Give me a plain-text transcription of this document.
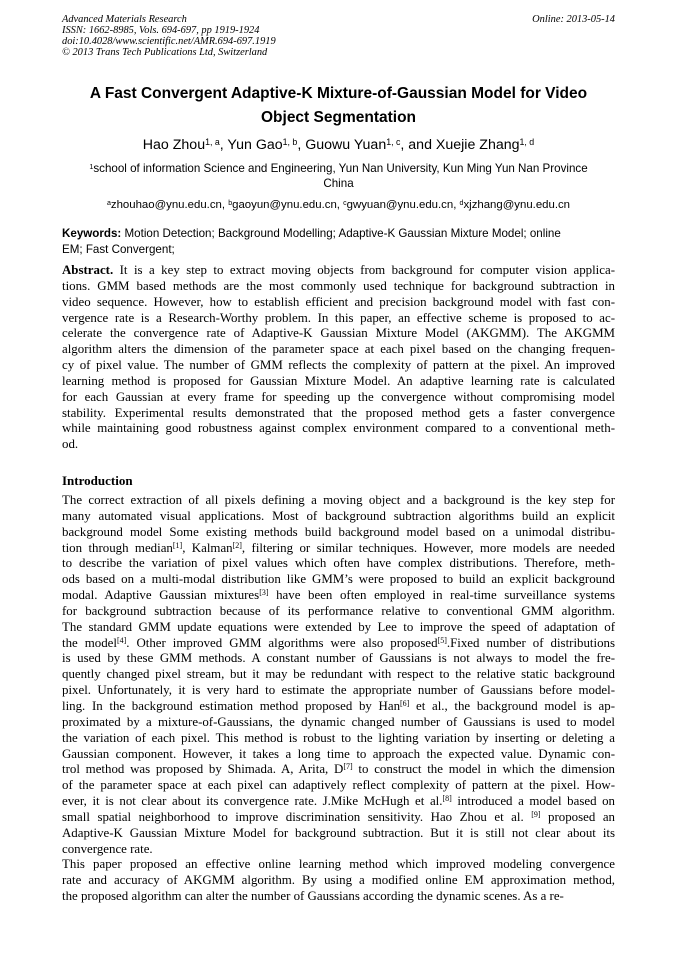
Advanced Materials Research
ISSN: 1662-8985, Vols. 694-697, pp 1919-1924
doi:10.4028/www.scientific.net/AMR.694-697.1919
© 2013 Trans Tech Publications Ltd, Switzerland
Online: 2013-05-14
A Fast Convergent Adaptive-K Mixture-of-Gaussian Model for Video
Object Segmentation
Hao Zhou$^{1, a}$, Yun Gao$^{1, b}$, Guowu Yuan$^{1, c}$, and Xuejie Zhang$^{1, d}$
$^1$school of information Science and Engineering, Yun Nan University, Kun Ming Yun Nan Province
China
$^a$zhouhao@ynu.edu.cn, $^b$gaoyun@ynu.edu.cn, $^c$gwyuan@ynu.edu.cn, $^d$xjzhang@ynu.edu.cn
Keywords: Motion Detection; Background Modelling; Adaptive-K Gaussian Mixture Model; online
EM; Fast Convergent;
Abstract. It is a key step to extract moving objects from background for computer vision applica-
tions. GMM based methods are the most commonly used technique for background subtraction in
video sequence. However, how to establish efficient and precision background model with fast con-
vergence rate is a Research-Worthy problem. In this paper, an effective scheme is proposed to ac-
celerate the convergence rate of Adaptive-K Gaussian Mixture Model (AKGMM). The AKGMM
algorithm alters the dimension of the parameter space at each pixel based on the changing frequen-
cy of pixel value. The number of GMM reflects the complexity of pattern at the pixel. An improved
learning method is proposed for Gaussian Mixture Model. An adaptive learning rate is calculated
for each Gaussian at every frame for speeding up the convergence without compromising model
stability. Experimental results demonstrated that the proposed method gets a faster convergence
while maintaining good robustness against complex environment compared to a conventional meth-
od.
Introduction

The correct extraction of all pixels defining a moving object and a background is the key step for
many automated visual applications. Most of background subtraction algorithms build an explicit
background model Some existing methods build background model based on a unimodal distribu-
tion through median[1], Kalman[2], filtering or similar techniques. However, more models are needed
to describe the variation of pixel values which often have complex distributions. Therefore, meth-
ods based on a multi-modal distribution like GMM’s were proposed to build an explicit background
modal. Adaptive Gaussian mixtures[3] have been often employed in real-time surveillance systems
for background subtraction because of its performance relative to conventional GMM algorithm.
The standard GMM update equations were extended by Lee to improve the speed of adaptation of
the model[4]. Other improved GMM algorithms were also proposed[5].Fixed number of distributions
is used by these GMM methods. A constant number of Gaussians is not always to model the fre-
quently changed pixel stream, but it may be redundant with respect to the relative static background
pixel. Unfortunately, it is very hard to estimate the appropriate number of Gaussians before model-
ling. In the background estimation method proposed by Han[6] et al., the background model is ap-
proximated by a mixture-of-Gaussians, the dynamic changed number of Gaussians is used to model
the variation of each pixel. This method is robust to the lighting variation by inserting or deleting a
Gaussian component. However, it takes a long time to approach the expected value. Dynamic con-
trol method was proposed by Shimada. A, Arita, D[7] to construct the model in which the dimension
of the parameter space at each pixel can adaptively reflect complexity of pattern at the pixel. How-
ever, it is not clear about its convergence rate. J.Mike McHugh et al.[8] introduced a model based on
small spatial neighborhood to improve discrimination sensitivity. Hao Zhou et al. [9] proposed an
Adaptive-K Gaussian Mixture Model for background subtraction. But it is still not clear about its
convergence rate.

This paper proposed an effective online learning method which improved modeling convergence
rate and accuracy of AKGMM algorithm. By using a modified online EM approximation method,
the proposed algorithm can alter the number of Gaussians according the dynamic scenes. As a re-
